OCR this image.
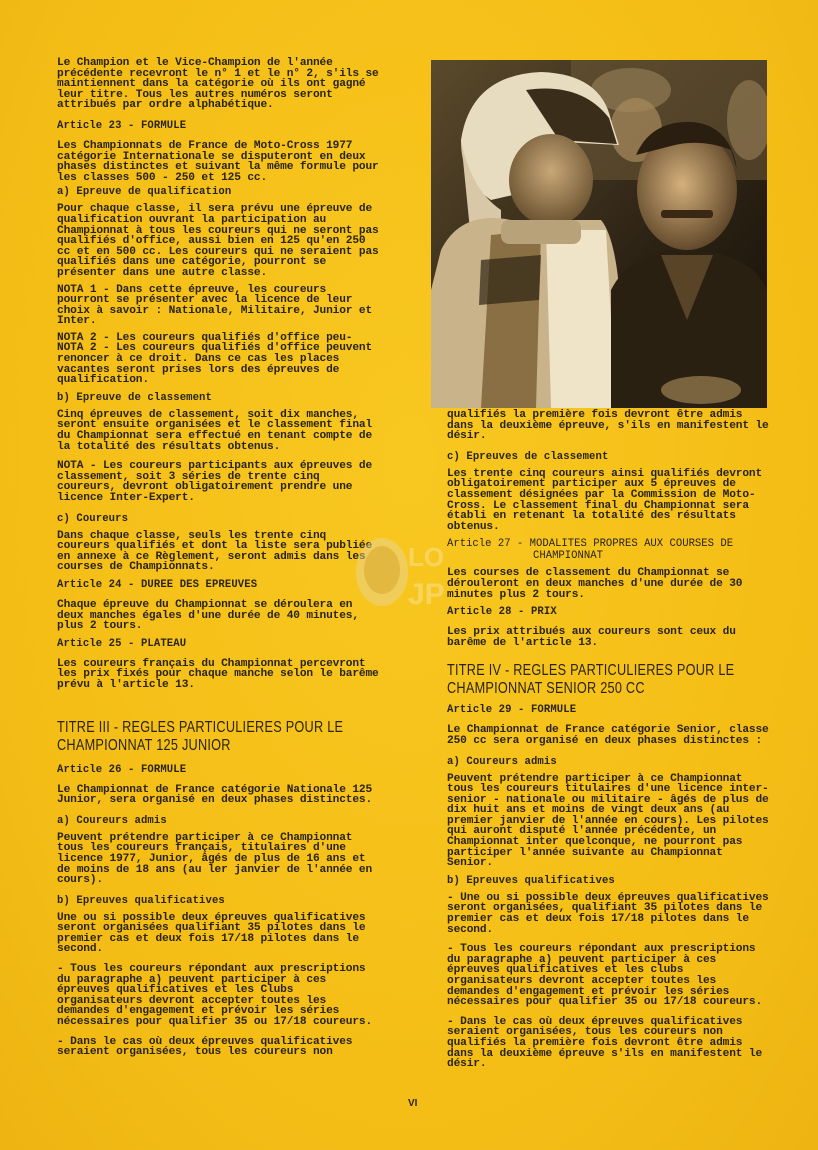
Le Champion et le Vice-Champion de l'année précédente recevront le n° 1 et le n° 2, s'ils se maintiennent dans la catégorie où ils ont gagné leur titre. Tous les autres numéros seront attribués par ordre alphabétique.

Article 23 - FORMULE

Les Championnats de France de Moto-Cross 1977 catégorie Internationale se disputeront en deux phases distinctes et suivant la même formule pour les classes 500 - 250 et 125 cc.

a) Epreuve de qualification

Pour chaque classe, il sera prévu une épreuve de qualification ouvrant la participation au Championnat à tous les coureurs qui ne seront pas qualifiés d'office, aussi bien en 125 qu'en 250 cc et en 500 cc. Les coureurs qui ne seraient pas qualifiés dans une catégorie, pourront se présenter dans une autre classe.

NOTA 1 - Dans cette épreuve, les coureurs pourront se présenter avec la licence de leur choix à savoir : Nationale, Militaire, Junior et Inter.

NOTA 2 - Les coureurs qualifiés d'office peu-

NOTA 2 - Les coureurs qualifiés d'office peuvent renoncer à ce droit. Dans ce cas les places vacantes seront prises lors des épreuves de qualification.

b) Epreuve de classement

Cinq épreuves de classement, soit dix manches, seront ensuite organisées et le classement final du Championnat sera effectué en tenant compte de la totalité des résultats obtenus.

NOTA - Les coureurs participants aux épreuves de classement, soit 3 séries de trente cinq coureurs, devront obligatoirement prendre une licence Inter-Expert.

c) Coureurs

Dans chaque classe, seuls les trente cinq coureurs qualifiés et dont la liste sera publiée en annexe à ce Règlement, seront admis dans les courses de Championnats.

Article 24 - DUREE DES EPREUVES

Chaque épreuve du Championnat se déroulera en deux manches égales d'une durée de 40 minutes, plus 2 tours.

Article 25 - PLATEAU

Les coureurs français du Championnat percevront les prix fixés pour chaque manche selon le barême prévu à l'article 13.

TITRE III - REGLES PARTICULIERES POUR LE CHAMPIONNAT 125 JUNIOR
Article 26 - FORMULE

Le Championnat de France catégorie Nationale 125 Junior, sera organisé en deux phases distinctes.

a) Coureurs admis

Peuvent prétendre participer à ce Championnat tous les coureurs français, titulaires d'une licence 1977, Junior, âgés de plus de 16 ans et de moins de 18 ans (au ler janvier de l'année en cours).

b) Epreuves qualificatives

Une ou si possible deux épreuves qualificatives seront organisées qualifiant 35 pilotes dans le premier cas et deux fois 17/18 pilotes dans le second.

- Tous les coureurs répondant aux prescriptions du paragraphe a) peuvent participer à ces épreuves qualificatives et les Clubs organisateurs devront accepter toutes les demandes d'engagement et prévoir les séries nécessaires pour qualifier 35 ou 17/18 coureurs.

- Dans le cas où deux épreuves qualificatives seraient organisées, tous les coureurs non

qualifiés la première fois devront être admis dans la deuxième épreuve, s'ils en manifestent le désir.

c) Epreuves de classement

Les trente cinq coureurs ainsi qualifiés devront obligatoirement participer aux 5 épreuves de classement désignées par la Commission de Moto-Cross. Le classement final du Championnat sera établi en retenant la totalité des résultats obtenus.

Article 27 - MODALITES PROPRES AUX COURSES DE
CHAMPIONNAT

Les courses de classement du Championnat se dérouleront en deux manches d'une durée de 30 minutes plus 2 tours.

Article 28 - PRIX

Les prix attribués aux coureurs sont ceux du barême de l'article 13.

TITRE IV - REGLES PARTICULIERES POUR LE CHAMPIONNAT SENIOR 250 CC
Article 29 - FORMULE

Le Championnat de France catégorie Senior, classe 250 cc sera organisé en deux phases distinctes :

a) Coureurs admis

Peuvent prétendre participer à ce Championnat tous les coureurs titulaires d'une licence inter-senior - nationale ou militaire - âgés de plus de dix huit ans et moins de vingt deux ans (au premier janvier de l'année en cours). Les pilotes qui auront disputé l'année précédente, un Championnat inter quelconque, ne pourront pas participer l'année suivante au Championnat Senior.

b) Epreuves qualificatives

- Une ou si possible deux épreuves qualificatives seront organisées, qualifiant 35 pilotes dans le premier cas et deux fois 17/18 pilotes dans le second.

- Tous les coureurs répondant aux prescriptions du paragraphe a) peuvent participer à ces épreuves qualificatives et les clubs organisateurs devront accepter toutes les demandes d'engagement et prévoir les séries nécessaires pour qualifier 35 ou 17/18 coureurs.

- Dans le cas où deux épreuves qualificatives seraient organisées, tous les coureurs non qualifiés la première fois devront être admis dans la deuxième épreuve s'ils en manifestent le désir.

LO
JP
VI
